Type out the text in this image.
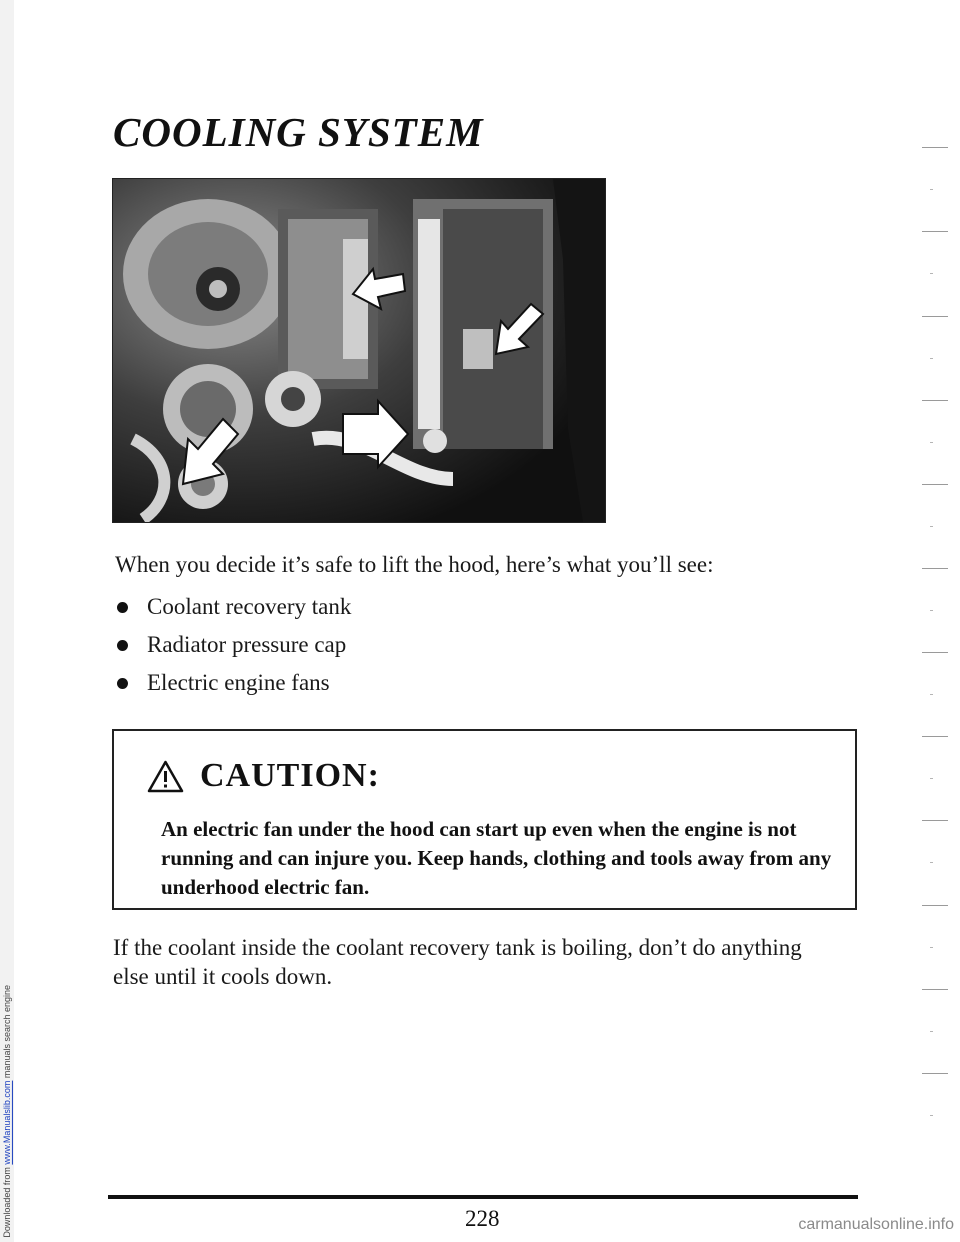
Downloaded from www.Manualslib.com manuals search engine
COOLING SYSTEM

When you decide it’s safe to lift the hood, here’s what you’ll see:

Coolant recovery tank
Radiator pressure cap
Electric engine fans
CAUTION:

An electric fan under the hood can start up even when the engine is not running and can injure you. Keep hands, clothing and tools away from any underhood electric fan.

If the coolant inside the coolant recovery tank is boiling, don’t do anything else until it cools down.

228	carmanualsonline.info
